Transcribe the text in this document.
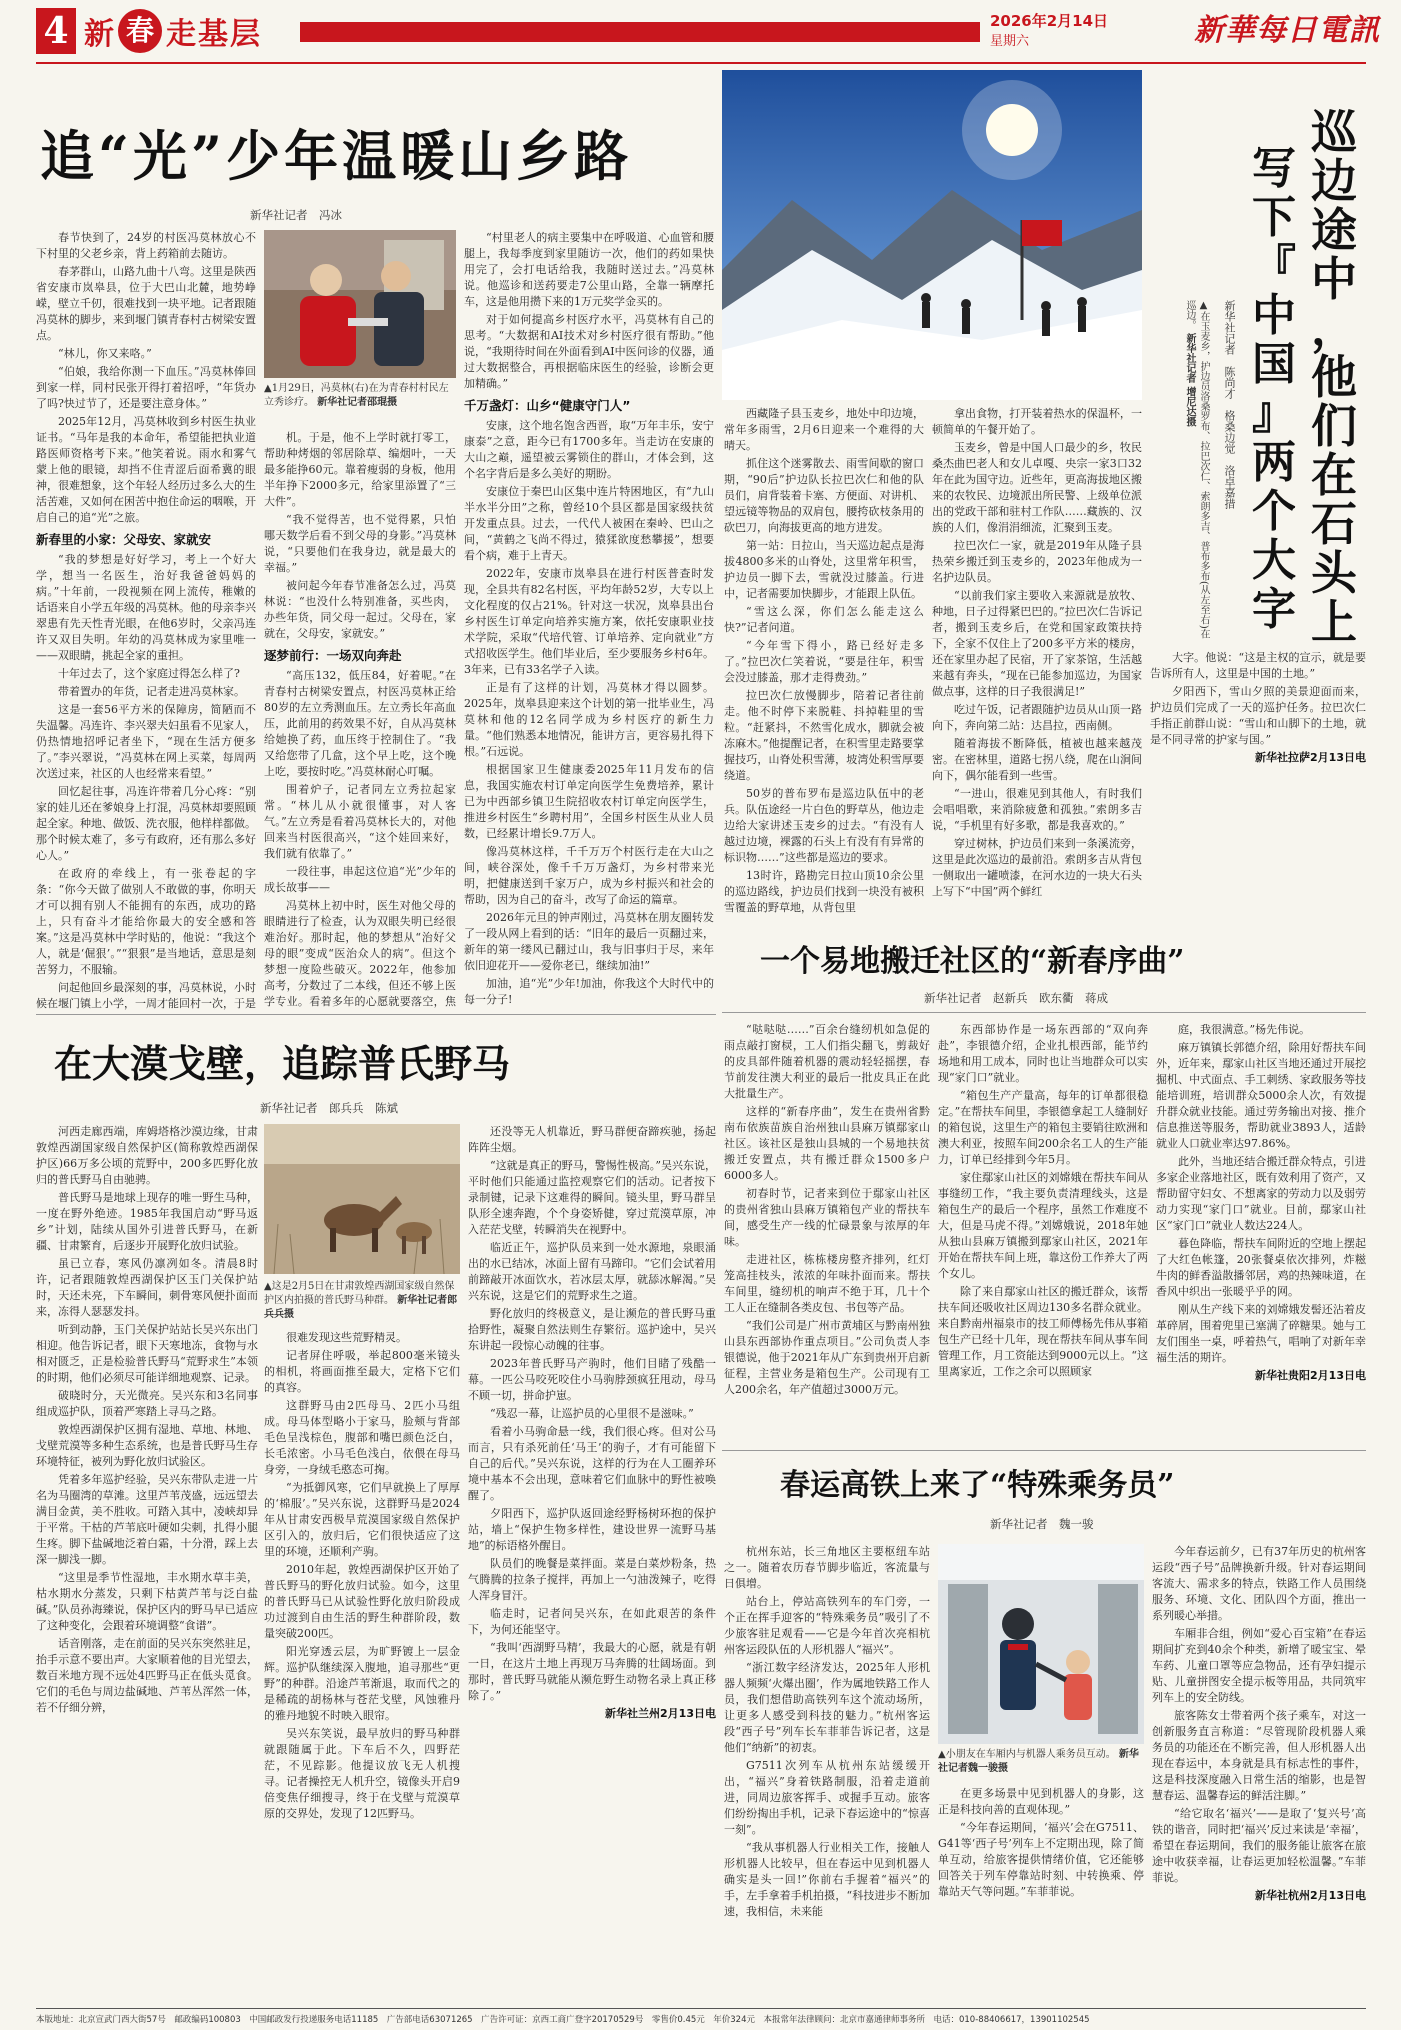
4 新 春 走基层	2026年2月14日
星期六	新華每日電訊
追“光”少年温暖山乡路
新华社记者　冯冰

春节快到了，24岁的村医冯莫林放心不下村里的父老乡亲，背上药箱前去随访。

春茅群山，山路九曲十八弯。这里是陕西省安康市岚皋县，位于大巴山北麓，地势峥嵘，壁立千仞，很难找到一块平地。记者跟随冯莫林的脚步，来到堰门镇青春村古树梁安置点。

“林儿，你又来咯。”

“伯娘，我给你测一下血压。”冯莫林俸回到家一样，同村民张开得打着招呼，“年货办了吗?快过节了，还是要注意身体。”

2025年12月，冯莫林收到乡村医生执业证书。“马年是我的本命年，希望能把执业道路医师资格考下来。”他笑着说。雨水和雾气蒙上他的眼镜，却挡不住青涩后面希冀的眼神，很难想象，这个年轻人经历过多么大的生活苦难，又如何在困苦中抱住命运的咽喉，开启自己的追“光”之旅。

新春里的小家：父母安、家就安

“我的梦想是好好学习，考上一个好大学，想当一名医生，治好我爸爸妈妈的病。”十年前，一段视频在网上流传，稚嫩的话语来自小学五年级的冯莫林。他的母亲李兴翠患有先天性青光眼，在他6岁时，父亲冯连许又双目失明。年幼的冯莫林成为家里唯一——双眼睛，挑起全家的重担。

十年过去了，这个家庭过得怎么样了?

带着置办的年货，记者走进冯莫林家。

这是一套56平方米的保障房，简陋而不失温馨。冯连许、李兴翠夫妇虽看不见家人，仍热情地招呼记者坐下，“现在生活方便多了。”李兴翠说，“冯莫林在网上买菜，每周两次送过来，社区的人也经常来看望。”

回忆起往事，冯连许带着几分心疼：“别家的娃儿还在爹娘身上打混，冯莫林却要照顾起全家。种地、做饭、洗衣服，他样样都做。那个时候太难了，多亏有政府，还有那么多好心人。”

在政府的牵线上，有一张卷起的字条：“你今天做了做别人不敢做的事，你明天才可以拥有别人不能拥有的东西，成功的路上，只有奋斗才能给你最大的安全感和答案。”这是冯莫林中学时贴的，他说：“我这个人，就是‘倔狠’。”“狠狠”是当地话，意思是刻苦努力，不服输。

问起他回乡最深刻的事，冯莫林说，小时候在堰门镇上小学，一周才能回村一次，于是

▲1月29日，冯莫林(右)在为青春村村民左立秀诊疗。 新华社记者邵琨摄

机。于是，他不上学时就打零工，帮助种烤烟的邻居除草、编烟叶，一天最多能挣60元。靠着瘦弱的身板，他用半年挣下2000多元，给家里添置了“三大件”。

“我不觉得苦，也不觉得累，只怕哪天数学后看不到父母的身影。”冯莫林说，“只要他们在我身边，就是最大的幸福。”

被问起今年春节准备怎么过，冯莫林说：“也没什么特别准备，买些肉，办些年货，同父母一起过。父母在，家就在，父母安，家就安。”

逐梦前行：一场双向奔赴

“高压132，低压84，好着呢。”在青春村古树梁安置点，村医冯莫林正给80岁的左立秀测血压。左立秀长年高血压，此前用的药效果不好，自从冯莫林给她换了药，血压终于控制住了。“我又给您带了几盒，这个早上吃，这个晚上吃，要按时吃。”冯莫林耐心叮嘱。

围着炉子，记者同左立秀拉起家常。“林儿从小就很懂事，对人客气。”左立秀是看着冯莫林长大的，对他回来当村医很高兴，“这个娃回来好，我们就有依靠了。”

一段往事，串起这位追“光”少年的成长故事——

冯莫林上初中时，医生对他父母的眼睛进行了检查，认为双眼失明已经很难治好。那时起，他的梦想从“治好父母的眼”变成“医治众人的病”。但这个梦想一度险些破灭。2022年，他参加高考，分数过了二本线，但还不够上医学专业。看着多年的心愿就要落空，焦

“村里老人的病主要集中在呼吸道、心血管和腰腿上，我每季度到家里随访一次，他们的药如果快用完了，会打电话给我，我随时送过去。”冯莫林说。他巡诊和送药要走7公里山路，全靠一辆摩托车，这是他用攒下来的1万元奖学金买的。

对于如何提高乡村医疗水平，冯莫林有自己的思考。“大数据和AI技术对乡村医疗很有帮助。”他说，“我期待时间在外面看到AI中医问诊的仪器，通过大数据整合，再根据临床医生的经验，诊断会更加精确。”

千万盏灯：山乡“健康守门人”

安康，这个地名饱含西晋，取“万年丰乐，安宁康泰”之意，距今已有1700多年。当走访在安康的大山之巅，遥望被云雾锁住的群山，才体会到，这个名字背后是多么美好的期盼。

安康位于秦巴山区集中连片特困地区，有“九山半水半分田”之称，曾经10个县区都是国家级扶贫开发重点县。过去，一代代人被困在秦岭、巴山之间，“黄鹤之飞尚不得过，猿猱欲度愁攀援”，想要看个病，难于上青天。

2022年，安康市岚皋县在进行村医普查时发现，全县共有82名村医，平均年龄52岁，大专以上文化程度的仅占21%。针对这一状况，岚皋县出台乡村医生订单定向培养实施方案，依托安康职业技术学院，采取“代培代管、订单培养、定向就业”方式招收医学生。他们毕业后，至少要服务乡村6年。3年来，已有33名学子入读。

正是有了这样的计划，冯莫林才得以圆梦。2025年，岚皋县迎来这个计划的第一批毕业生，冯莫林和他的12名同学成为乡村医疗的新生力量。“他们熟悉本地情况，能讲方言，更容易扎得下根。”石远说。

根据国家卫生健康委2025年11月发布的信息，我国实施农村订单定向医学生免费培养，累计已为中西部乡镇卫生院招收农村订单定向医学生，推进乡村医生“乡聘村用”，全国乡村医生从业人员数，已经累计增长9.7万人。

像冯莫林这样，千千万万个村医行走在大山之间，峡谷深处，像千千万万盏灯，为乡村带来光明，把健康送到千家万户，成为乡村振兴和社会的帮助，因为自己的奋斗，改写了命运的篇章。

2026年元旦的钟声刚过，冯莫林在朋友圈转发了一段从网上看到的话：“旧年的最后一页翻过来，新年的第一缕风已翻过山，我与旧事归于尽，来年依旧迎花开——爱你老已，继续加油!”

加油，追“光”少年!加油，你我这个大时代中的每一分子!

巡
边
途
中
，
他
们
在
石
头
上
写
下
『
中
国
』
两
个
大
字
新华社记者　陈尚才　格桑边觉　洛卓嘉措
▲在玉麦乡，护边员洛桑罗布、拉巴次仁、索朗多吉、普布多布(从左至右)在巡边。 新华社记者 增尼达摄

西藏隆子县玉麦乡，地处中印边境，常年多雨雪，2月6日迎来一个难得的大晴天。

抓住这个迷雾散去、雨雪间歇的窗口期，“90后”护边队长拉巴次仁和他的队员们，肩背装着卡塞、方便面、对讲机、望远镜等物品的双肩包，腰挎砍枝条用的砍巴刀，向海拔更高的地方进发。

第一站：日拉山，当天巡边起点是海拔4800多米的山脊处，这里常年积雪，护边员一脚下去，雪就没过膝盖。行进中，记者需要加快脚步，才能跟上队伍。

“雪这么深，你们怎么能走这么快?”记者问道。

“今年雪下得小，路已经好走多了。”拉巴次仁笑着说，“要是往年，积雪会没过膝盖，那才走得费劲。”

拉巴次仁放慢脚步，陪着记者往前走。他不时停下来脱鞋、抖掉鞋里的雪粒。“赶紧抖，不然雪化成水，脚就会被冻麻木。”他提醒记者，在积雪里走路要掌握技巧，山脊处积雪薄，坡湾处积雪厚要绕道。

50岁的普布罗布是巡边队伍中的老兵。队伍途经一片白色的野草丛，他边走边给大家讲述玉麦乡的过去。“有没有人越过边境，裸露的石头上有没有有异常的标识物……”这些都是巡边的要求。

13时许，路勘完日拉山顶10余公里的巡边路线，护边员们找到一块没有被积雪覆盖的野草地，从背包里

拿出食物，打开装着热水的保温杯，一顿简单的午餐开始了。

玉麦乡，曾是中国人口最少的乡，牧民桑杰曲巴老人和女儿卓嘎、央宗一家3口32年在此为国守边。近些年，更高海拔地区搬来的农牧民、边境派出所民警、上级单位派出的党政干部和驻村工作队……藏族的、汉族的人们，像涓涓细流，汇聚到玉麦。

拉巴次仁一家，就是2019年从隆子县热荣乡搬迁到玉麦乡的，2023年他成为一名护边队员。

“以前我们家主要收入来源就是放牧、种地，日子过得紧巴巴的。”拉巴次仁告诉记者，搬到玉麦乡后，在党和国家政策扶持下，全家不仅住上了200多平方米的楼房，还在家里办起了民宿，开了家茶馆，生活越来越有奔头，“现在已能参加巡边，为国家做点事，这样的日子我很满足!”

吃过午饭，记者跟随护边员从山顶一路向下，奔向第二站：达昌拉，西南侧。

随着海拔不断降低，植被也越来越茂密。在密林里，道路七拐八绕，爬在山涧间向下，偶尔能看到一些雪。

“一进山，很难见到其他人，有时我们会唱唱歌，来消除疲惫和孤独。”索朗多吉说，“手机里有好多歌，都是我喜欢的。”

穿过树林，护边员们来到一条溪流旁，这里是此次巡边的最前沿。索朗多吉从背包一侧取出一罐喷漆，在河水边的一块大石头上写下“中国”两个鲜红

大字。他说：“这是主权的宣示，就是要告诉所有人，这里是中国的土地。”

夕阳西下，雪山夕照的美景迎面而来，护边员们完成了一天的巡护任务。拉巴次仁手指正前群山说：“雪山和山脚下的土地，就是不同寻常的护家与国。”

新华社拉萨2月13日电
一个易地搬迁社区的“新春序曲”
新华社记者　赵新兵　欧东衢　蒋成

“哒哒哒……”百余台缝纫机如急促的雨点敲打窗棂，工人们指尖翻飞，剪裁好的皮具部件随着机器的震动轻轻摇摆，春节前发往澳大利亚的最后一批皮具正在此大批量生产。

这样的“新春序曲”，发生在贵州省黔南布依族苗族自治州独山县麻万镇鄢家山社区。该社区是独山县城的一个易地扶贫搬迁安置点，共有搬迁群众1500多户6000多人。

初春时节，记者来到位于鄢家山社区的贵州省独山县麻万镇箱包产业的帮扶车间，感受生产一线的忙碌景象与浓厚的年味。

走进社区，栋栋楼房整齐排列，红灯笼高挂枝头，浓浓的年味扑面而来。帮扶车间里，缝纫机的响声不绝于耳，几十个工人正在缝制各类皮包、书包等产品。

“我们公司是广州市黄埔区与黔南州独山县东西部协作重点项目。”公司负责人李银德说，他于2021年从广东到贵州开启新征程，主营业务是箱包生产。公司现有工人200余名，年产值超过3000万元。

东西部协作是一场东西部的“双向奔赴”，李银德介绍，企业扎根西部，能节约场地和用工成本，同时也让当地群众可以实现“家门口”就业。

“箱包生产产量高，每年的订单都很稳定。”在帮扶车间里，李银德拿起工人缝制好的箱包说，这里生产的箱包主要销往欧洲和澳大利亚，按照车间200余名工人的生产能力，订单已经排到今年5月。

家住鄢家山社区的刘嫦娥在帮扶车间从事缝纫工作，“我主要负责清理线头，这是箱包生产的最后一个程序，虽然工作难度不大，但是马虎不得。”刘嫦娥说，2018年她从独山县麻万镇搬到鄢家山社区，2021年开始在帮扶车间上班，靠这份工作养大了两个女儿。

除了来自鄢家山社区的搬迁群众，该帮扶车间还吸收社区周边130多名群众就业。来自黔南州福泉市的技工师傅杨先伟从事箱包生产已经十几年，现在帮扶车间从事车间管理工作，月工资能达到9000元以上。“这里离家近，工作之余可以照顾家

庭，我很满意。”杨先伟说。

麻万镇镇长郭德介绍，除用好帮扶车间外，近年来，鄢家山社区当地还通过开展挖掘机、中式面点、手工刺绣、家政服务等技能培训班，培训群众5000余人次，有效提升群众就业技能。通过劳务输出对接、推介信息推送等服务，帮助就业3893人，适龄就业人口就业率达97.86%。

此外，当地还结合搬迁群众特点，引进多家企业落地社区，既有效利用了资产，又帮助留守妇女、不想离家的劳动力以及弱劳动力实现“家门口”就业。目前，鄢家山社区“家门口”就业人数达224人。

暮色降临，帮扶车间附近的空地上摆起了大红色帐篷，20张餐桌依次排列，炸糍牛肉的鲜香溢散播邻居，鸡的热辣味道，在香风中织出一张暖乎乎的网。

刚从生产线下来的刘嫦娥发髻还沾着皮革碎屑，围着兜里已塞满了碎糖果。她与工友们围坐一桌，呼着热气，唱响了对新年幸福生活的期许。

新华社贵阳2月13日电
在大漠戈壁，追踪普氏野马
新华社记者　郎兵兵　陈斌

河西走廊西端，库姆塔格沙漠边缘，甘肃敦煌西湖国家级自然保护区(简称敦煌西湖保护区)66万多公顷的荒野中，200多匹野化放归的普氏野马自由驰骋。

普氏野马是地球上现存的唯一野生马种，一度在野外绝迹。1985年我国启动“野马返乡”计划，陆续从国外引进普氏野马，在新疆、甘肃繁育，后逐步开展野化放归试验。

虽已立春，寒风仍凛冽如冬。清晨8时许，记者跟随敦煌西湖保护区玉门关保护站时，天还未亮，下车瞬间，刺骨寒风便扑面而来，冻得人瑟瑟发抖。

听到动静，玉门关保护站站长吴兴东出门相迎。他告诉记者，眼下天寒地冻，食物与水相对匮乏，正是检验普氏野马“荒野求生”本领的时期，他们必须尽可能详细地观察、记录。

破晓时分，天光微亮。吴兴东和3名同事组成巡护队，顶着严寒踏上寻马之路。

敦煌西湖保护区拥有湿地、草地、林地、戈壁荒漠等多种生态系统，也是普氏野马生存环境特征，被列为野化放归试验区。

凭着多年巡护经验，吴兴东带队走进一片名为马圈湾的草滩。这里芦苇茂盛，远远望去满目金黄，美不胜收。可踏入其中，凌峡却异于平常。干枯的芦苇底叶硬如尖刺，扎得小腿生疼。脚下盐碱地泛着白霜，十分滑，踩上去深一脚浅一脚。

“这里是季节性湿地，丰水期水草丰美，枯水期水分蒸发，只剩下枯黄芦苇与泛白盐碱。”队员孙海臻说，保护区内的野马早已适应了这种变化，会跟着环境调整“食谱”。

话音刚落，走在前面的吴兴东突然驻足，抬手示意不要出声。大家顺着他的目光望去，数百米地方现不远处4匹野马正在低头觅食。它们的毛色与周边盐碱地、芦苇丛浑然一体，若不仔细分辨，

▲这是2月5日在甘肃敦煌西湖国家级自然保护区内拍摄的普氏野马种群。 新华社记者郎兵兵摄

很难发现这些荒野精灵。

记者屏住呼吸，举起800毫米镜头的相机，将画面推至最大，定格下它们的真容。

这群野马由2匹母马、2匹小马组成。母马体型略小于家马，脸颊与背部毛色呈浅棕色，腹部和嘴巴颜色泛白，长毛浓密。小马毛色浅白，依偎在母马身旁，一身绒毛憨态可掬。

“为抵御风寒，它们早就换上了厚厚的‘棉服’。”吴兴东说，这群野马是2024年从甘肃安西极旱荒漠国家级自然保护区引入的，放归后，它们很快适应了这里的环境，还顺利产驹。

2010年起，敦煌西湖保护区开始了普氏野马的野化放归试验。如今，这里的普氏野马已从试验性野化放归阶段成功过渡到自由生活的野生种群阶段，数量突破200匹。

阳光穿透云层，为旷野镀上一层金辉。巡护队继续深入腹地，追寻那些“更野”的种群。沿途芦苇渐退，取而代之的是稀疏的胡杨林与苍茫戈壁，风蚀雅丹的雅丹地貌不时映入眼帘。

吴兴东笑说，最早放归的野马种群就跟随属于此。下车后不久，四野茫茫，不见踪影。他提议放飞无人机搜寻。记者操控无人机升空，镜像头开启9倍变焦仔细搜寻，终于在戈壁与荒漠草原的交界处，发现了12匹野马。

还没等无人机靠近，野马群便奋蹄疾驰，扬起阵阵尘烟。

“这就是真正的野马，警惕性极高。”吴兴东说，平时他们只能通过监控观察它们的活动。记者按下录制键，记录下这难得的瞬间。镜头里，野马群呈队形全速奔跑，个个身姿矫健，穿过荒漠草原，冲入茫茫戈壁，转瞬消失在视野中。

临近正午，巡护队员来到一处水源地，泉眼涌出的水已结冰，冰面上留有马蹄印。“它们会试着用前蹄敲开冰面饮水，若冰层太厚，就舔冰解渴。”吴兴东说，这是它们的荒野求生之道。

野化放归的终极意义，是让濒危的普氏野马重拾野性，凝聚自然法则生存繁衍。巡护途中，吴兴东讲起一段惊心动魄的往事。

2023年普氏野马产驹时，他们目睹了残酷一幕。一匹公马咬死咬住小马驹脖颈疯狂甩动，母马不顾一切，拼命护崽。

“残忍一幕，让巡护员的心里很不是滋味。”

看着小马驹命悬一线，我们很心疼。但对公马而言，只有杀死前任‘马王’的驹子，才有可能留下自己的后代。”吴兴东说，这样的行为在人工圈养环境中基本不会出现，意味着它们血脉中的野性被唤醒了。

夕阳西下，巡护队返回途经野杨树环抱的保护站，墙上“保护生物多样性，建设世界一流野马基地”的标语格外醒目。

队员们的晚餐是菜拌面。菜是白菜炒粉条，热气腾腾的拉条子搅拌，再加上一勺油泼辣子，吃得人浑身冒汗。

临走时，记者问吴兴东，在如此艰苦的条件下，为何还能坚守。

“我叫‘西湖野马精’，我最大的心愿，就是有朝一日，在这片土地上再现万马奔腾的壮阔场面。到那时，普氏野马就能从濒危野生动物名录上真正移除了。”

新华社兰州2月13日电
春运高铁上来了“特殊乘务员”
新华社记者　魏一骏

杭州东站，长三角地区主要枢纽车站之一。随着农历春节脚步临近，客流量与日俱增。

站台上，停站高铁列车的车门旁，一个正在挥手迎客的“特殊乘务员”吸引了不少旅客驻足观看——它是今年首次亮相杭州客运段队伍的人形机器人“福兴”。

“浙江数字经济发达，2025年人形机器人频频‘火爆出圈’，作为属地铁路工作人员，我们想借助高铁列车这个流动场所，让更多人感受到科技的魅力。”杭州客运段“西子号”列车长车菲菲告诉记者，这是他们“纳新”的初衷。

G7511次列车从杭州东站缓缓开出，“福兴”身着铁路制服，沿着走道前进，同周边旅客挥手、或握手互动。旅客们纷纷掏出手机，记录下春运途中的“惊喜一刻”。

“我从事机器人行业相关工作，接触人形机器人比较早，但在春运中见到机器人确实是头一回!”你前右手握着“福兴”的手，左手拿着手机拍摄，“科技进步不断加速，我相信，未来能

▲小朋友在车厢内与机器人乘务员互动。 新华社记者魏一骏摄

在更多场景中见到机器人的身影，这正是科技向善的直观体现。”

“今年春运期间，‘福兴’会在G7511、G41等‘西子号’列车上不定期出现，除了简单互动，给旅客提供情绪价值，它还能够回答关于列车停靠站时刻、中转换乘、停靠站天气等问题。”车菲菲说。

今年春运前夕，已有37年历史的杭州客运段“西子号”品牌换新升级。针对春运期间客流大、需求多的特点，铁路工作人员围绕服务、环境、文化、团队四个方面，推出一系列暖心举措。

车厢非合组，例如“爱心百宝箱”在春运期间扩充到40余个种类，新增了暖宝宝、晕车药、儿童口罩等应急物品，还有孕妇提示贴、儿童拼图安全提示板等用品，共同筑牢列车上的安全防线。

旅客陈女士带着两个孩子乘车，对这一创新服务直言称道：“尽管现阶段机器人乘务员的功能还在不断完善，但人形机器人出现在春运中，本身就是具有标志性的事件，这是科技深度融入日常生活的缩影，也是智慧春运、温馨春运的鲜活注脚。”

“给它取名‘福兴’——是取了‘复兴号’高铁的谐音，同时把‘福兴’反过来读是‘幸福’，希望在春运期间，我们的服务能让旅客在旅途中收获幸福，让春运更加轻松温馨。”车菲菲说。

新华社杭州2月13日电
本版地址：北京宣武门西大街57号　邮政编码100803　中国邮政发行投递服务电话11185　广告部电话63071265　广告许可证：京西工商广登字20170529号　零售价0.45元　年价324元　本报常年法律顾问：北京市嘉通律师事务所　电话：010-88406617，13901102545
